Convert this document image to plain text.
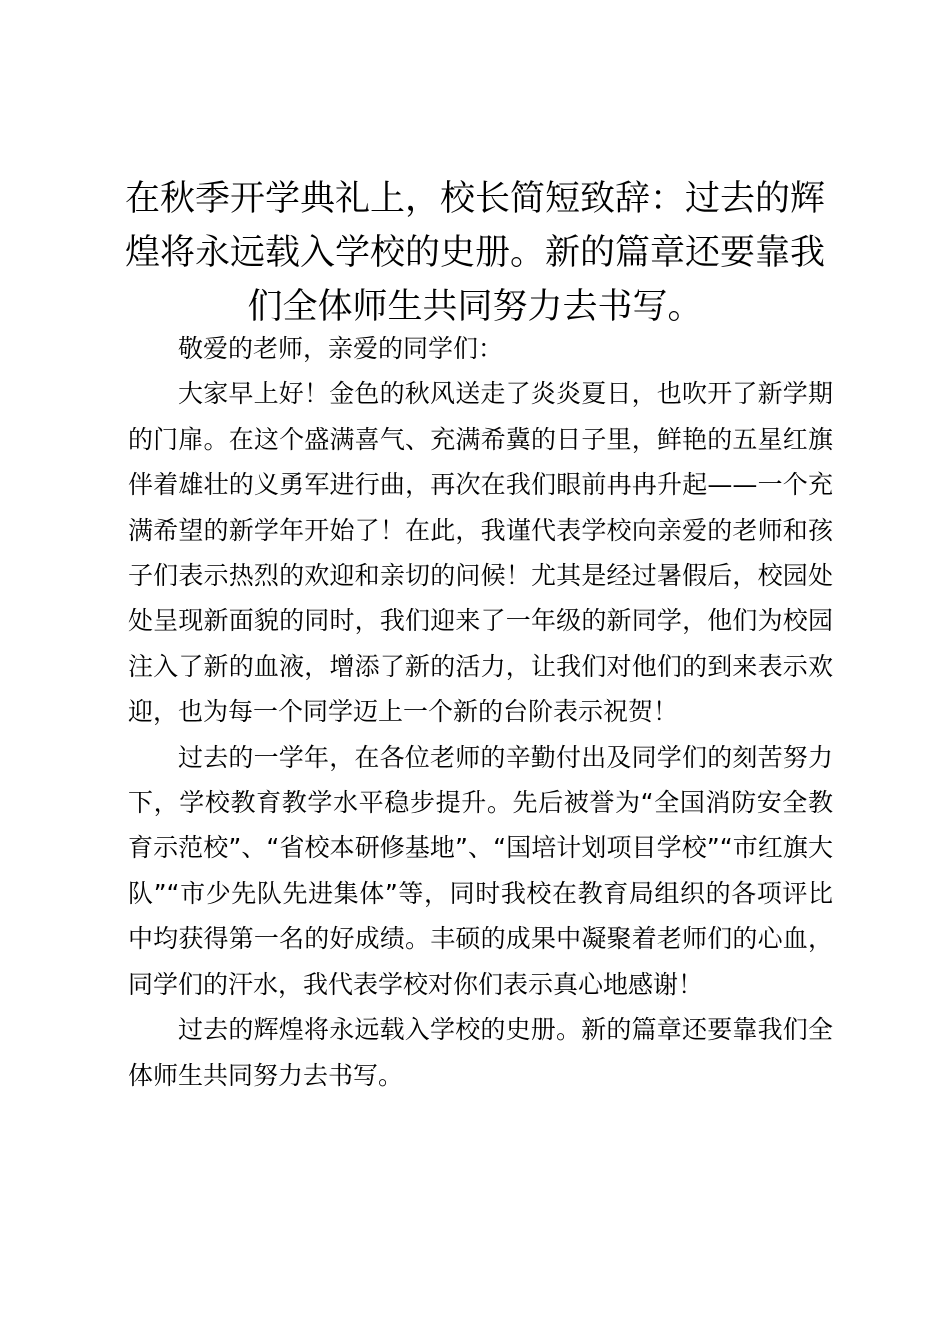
在秋季开学典礼上，校长简短致辞：过去的辉煌将永远载入学校的史册。新的篇章还要靠我们全体师生共同努力去书写。

敬爱的老师，亲爱的同学们：

大家早上好！金色的秋风送走了炎炎夏日，也吹开了新学期的门扉。在这个盛满喜气、充满希冀的日子里，鲜艳的五星红旗伴着雄壮的义勇军进行曲，再次在我们眼前冉冉升起——一个充满希望的新学年开始了！在此，我谨代表学校向亲爱的老师和孩子们表示热烈的欢迎和亲切的问候！尤其是经过暑假后，校园处处呈现新面貌的同时，我们迎来了一年级的新同学，他们为校园注入了新的血液，增添了新的活力，让我们对他们的到来表示欢迎，也为每一个同学迈上一个新的台阶表示祝贺！

过去的一学年，在各位老师的辛勤付出及同学们的刻苦努力下，学校教育教学水平稳步提升。先后被誉为“全国消防安全教育示范校”、“省校本研修基地”、“国培计划项目学校”“市红旗大队”“市少先队先进集体”等，同时我校在教育局组织的各项评比中均获得第一名的好成绩。丰硕的成果中凝聚着老师们的心血，同学们的汗水，我代表学校对你们表示真心地感谢！

过去的辉煌将永远载入学校的史册。新的篇章还要靠我们全体师生共同努力去书写。
